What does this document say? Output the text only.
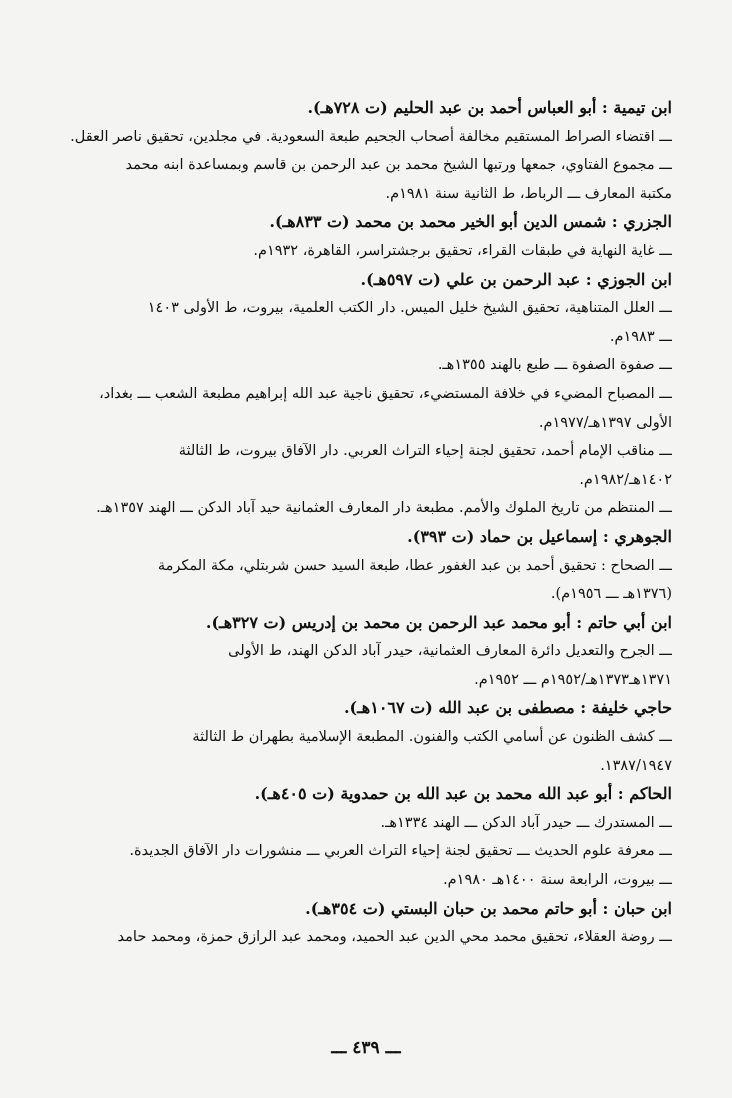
ابن تيمية : أبو العباس أحمد بن عبد الحليم (ت ٧٢٨هـ).
ـــ اقتضاء الصراط المستقيم مخالفة أصحاب الجحيم طبعة السعودية. في مجلدين، تحقيق ناصر العقل.
ـــ مجموع الفتاوي، جمعها ورتبها الشيخ محمد بن عبد الرحمن بن قاسم وبمساعدة ابنه محمد
مكتبة المعارف ـــ الرباط، ط الثانية سنة ١٩٨١م.
الجزري : شمس الدين أبو الخير محمد بن محمد (ت ٨٣٣هـ).
ـــ غاية النهاية في طبقات القراء، تحقيق برجشتراسر، القاهرة، ١٩٣٢م.
ابن الجوزي : عبد الرحمن بن علي (ت ٥٩٧هـ).
ـــ العلل المتناهية، تحقيق الشيخ خليل الميس. دار الكتب العلمية، بيروت، ط الأولى ١٤٠٣
ـــ ١٩٨٣م.
ـــ صفوة الصفوة ـــ طبع بالهند ١٣٥٥هـ.
ـــ المصباح المضيء في خلافة المستضيء، تحقيق ناجية عبد الله إبراهيم مطبعة الشعب ـــ بغداد،
الأولى ١٣٩٧هـ/١٩٧٧م.
ـــ مناقب الإمام أحمد، تحقيق لجنة إحياء التراث العربي. دار الآفاق بيروت، ط الثالثة
١٤٠٢هـ/١٩٨٢م.
ـــ المنتظم من تاريخ الملوك والأمم. مطبعة دار المعارف العثمانية حيد آباد الدكن ـــ الهند ١٣٥٧هـ.
الجوهري : إسماعيل بن حماد (ت ٣٩٣).
ـــ الصحاح : تحقيق أحمد بن عبد الغفور عطا، طبعة السيد حسن شربتلي، مكة المكرمة
(١٣٧٦هـ ـــ ١٩٥٦م).
ابن أبي حاتم : أبو محمد عبد الرحمن بن محمد بن إدريس (ت ٣٢٧هـ).
ـــ الجرح والتعديل دائرة المعارف العثمانية، حيدر آباد الدكن الهند، ط الأولى
١٣٧١هـ١٣٧٣هـ/١٩٥٢م ـــ ١٩٥٢م.
حاجي خليفة : مصطفى بن عبد الله (ت ١٠٦٧هـ).
ـــ كشف الظنون عن أسامي الكتب والفنون. المطبعة الإسلامية بطهران ط الثالثة
١٣٨٧/١٩٤٧.
الحاكم : أبو عبد الله محمد بن عبد الله بن حمدوية (ت ٤٠٥هـ).
ـــ المستدرك ـــ حيدر آباد الدكن ـــ الهند ١٣٣٤هـ.
ـــ معرفة علوم الحديث ـــ تحقيق لجنة إحياء التراث العربي ـــ منشورات دار الآفاق الجديدة.
ـــ بيروت، الرابعة سنة ١٤٠٠هـ ١٩٨٠م.
ابن حبان : أبو حاتم محمد بن حبان البستي (ت ٣٥٤هـ).
ـــ روضة العقلاء، تحقيق محمد محي الدين عبد الحميد، ومحمد عبد الرازق حمزة، ومحمد حامد
ـــ ٤٣٩ ـــ
